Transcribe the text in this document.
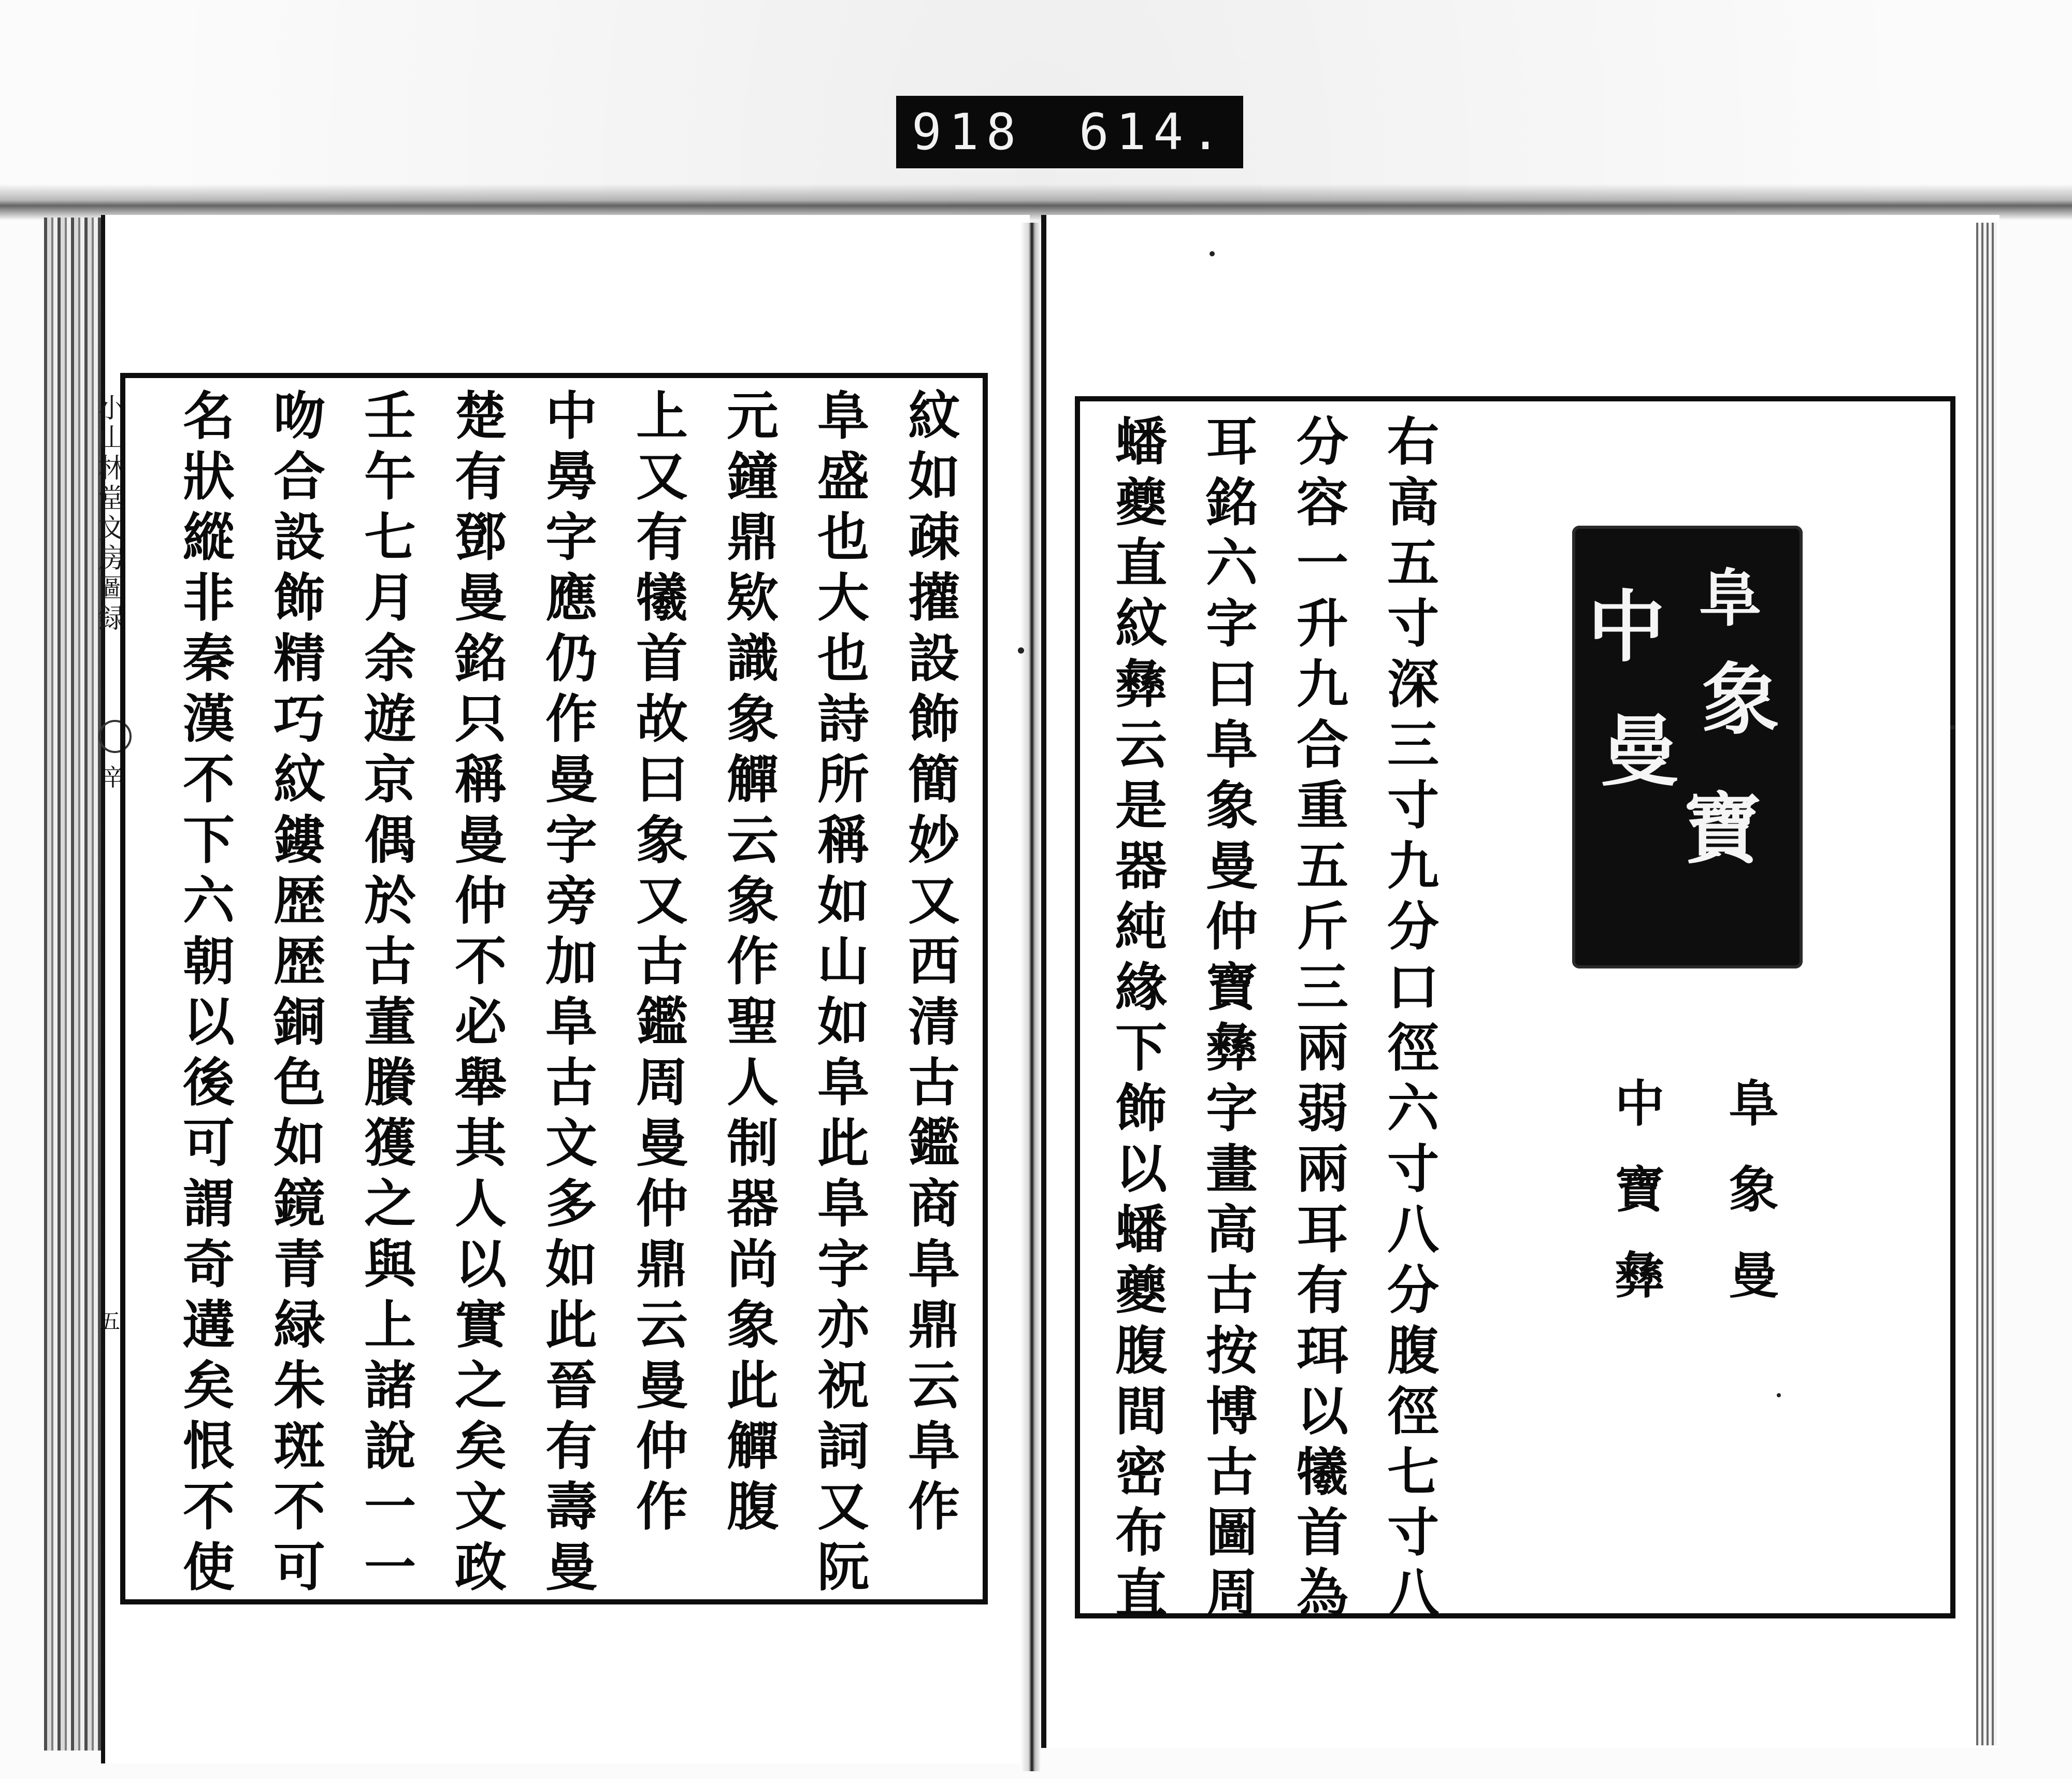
918 614.
小山林堂文房圖録
辛
五	紋如疎㩲設飾簡妙又西清古鑑商阜鼎云阜作
阜盛也大也詩所稱如山如阜此阜字亦祝詞又阮
元鐘鼎欵識象觶云象作聖人制器尚象此觶腹
上又有犧首故曰象又古鑑周曼仲鼎云曼仲作
中㬅字應仍作曼字旁加阜古文多如此晉有壽曼
楚有鄧曼銘只稱曼仲不必舉其人以實之矣文政
壬午七月余遊京偶於古董賸獲之與上諸說一一
吻合設飾精巧紋鏤歴歴銅色如鏡青緑朱斑不可
名狀縱非秦漢不下六朝以後可謂奇遘矣恨不使	右高五寸深三寸九分口徑六寸八分腹徑七寸八
分容一升九合重五斤三兩弱兩耳有珥以犧首為
耳銘六字曰阜象曼仲寶彝字畫高古按博古圖周
蟠夔直紋彝云是器純緣下飾以蟠夔腹間密布直	中 阜
象
曼
寶
阜象曼
中寶彝
